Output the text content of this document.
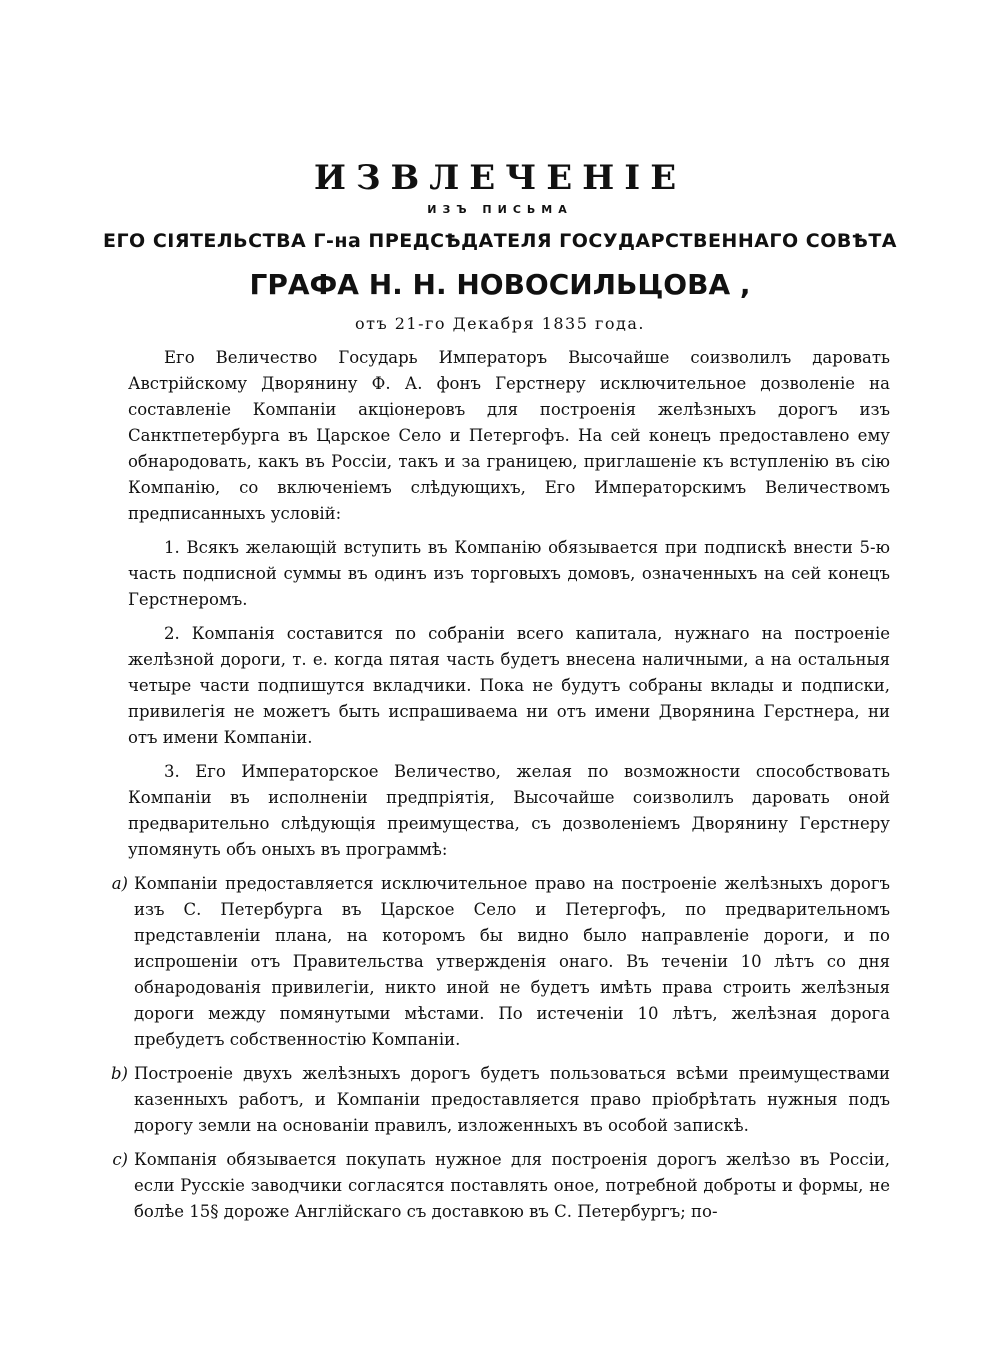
ИЗВЛЕЧЕНІЕ
ИЗЪ ПИСЬМА
ЕГО СІЯТЕЛЬСТВА Г-на ПРЕДСѢДАТЕЛЯ ГОСУДАРСТВЕННАГО СОВѢТА
ГРАФА Н. Н. НОВОСИЛЬЦОВА ,
отъ 21-го Декабря 1835 года.

Его Величество Государь Императоръ Высочайше соизволилъ даровать Австрійскому Дворянину Ф. А. фонъ Герстнеру исключительное дозволеніе на составленіе Компаніи акціонеровъ для построенія желѣзныхъ дорогъ изъ Санктпетербурга въ Царское Село и Петергофъ. На сей конецъ предоставлено ему обнародовать, какъ въ Россіи, такъ и за границею, приглашеніе къ вступленію въ сію Компанію, со включеніемъ слѣдующихъ, Его Императорскимъ Величествомъ предписанныхъ условій:

1. Всякъ желающій вступить въ Компанію обязывается при подпискѣ внести 5-ю часть подписной суммы въ одинъ изъ торговыхъ домовъ, означенныхъ на сей конецъ Герстнеромъ.

2. Компанія составится по собраніи всего капитала, нужнаго на построеніе желѣзной дороги, т. е. когда пятая часть будетъ внесена наличными, а на остальныя четыре части подпишутся вкладчики. Пока не будутъ собраны вклады и подписки, привилегія не можетъ быть испрашиваема ни отъ имени Дворянина Герстнера, ни отъ имени Компаніи.

3. Его Императорское Величество, желая по возможности способствовать Компаніи въ исполненіи предпріятія, Высочайше соизволилъ даровать оной предварительно слѣдующія преимущества, съ дозволеніемъ Дворянину Герстнеру упомянуть объ оныхъ въ программѣ:

a) Компаніи предоставляется исключительное право на построеніе желѣзныхъ дорогъ изъ С. Петербурга въ Царское Село и Петергофъ, по предварительномъ представленіи плана, на которомъ бы видно было направленіе дороги, и по испрошеніи отъ Правительства утвержденія онаго. Въ теченіи 10 лѣтъ со дня обнародованія привилегіи, никто иной не будетъ имѣть права строить желѣзныя дороги между помянутыми мѣстами. По истеченіи 10 лѣтъ, желѣзная дорога пребудетъ собственностію Компаніи.
b) Построеніе двухъ желѣзныхъ дорогъ будетъ пользоваться всѣми преимуществами казенныхъ работъ, и Компаніи предоставляется право пріобрѣтать нужныя подъ дорогу земли на основаніи правилъ, изложенныхъ въ особой запискѣ.
c) Компанія обязывается покупать нужное для построенія дорогъ желѣзо въ Россіи, если Русскіе заводчики согласятся поставлять оное, потребной доброты и формы, не болѣе 15§ дороже Англійскаго съ доставкою въ С. Петербургъ; по-
